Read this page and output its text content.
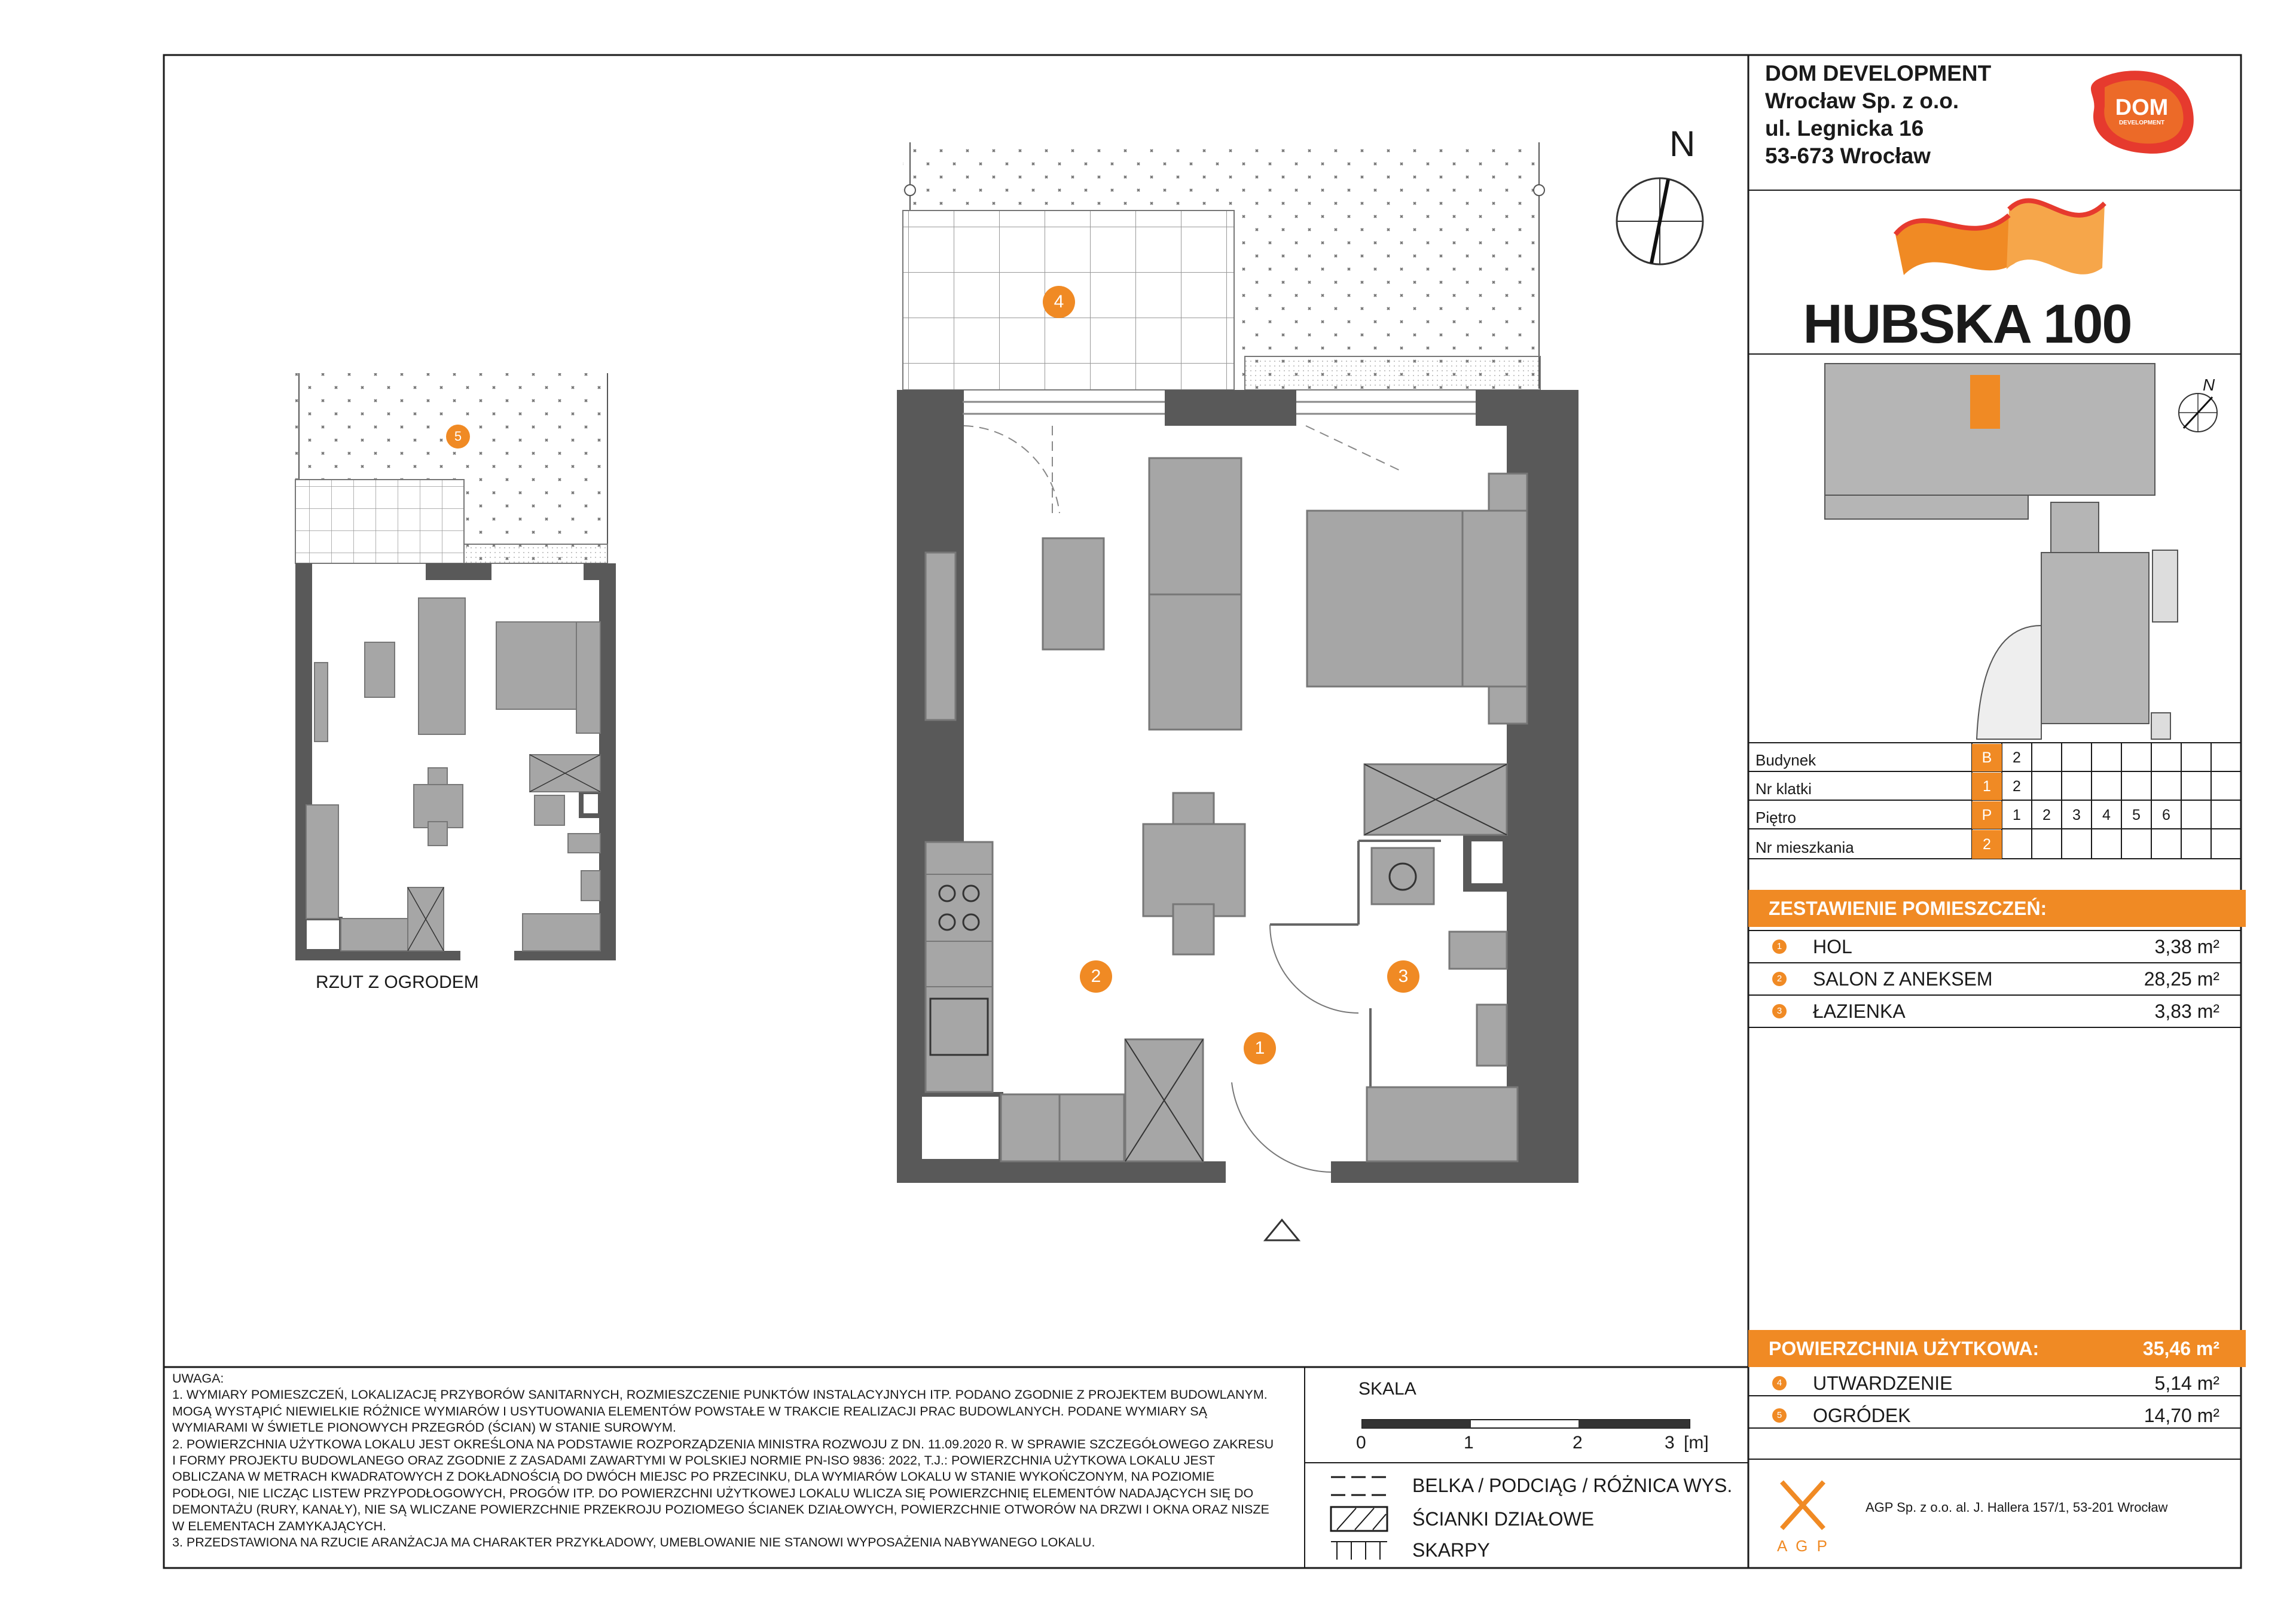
DOM DEVELOPMENT
Wrocław Sp. z o.o.
ul. Legnicka 16
53-673 Wrocław
DOM
DEVELOPMENT
HUBSKA 100
N
N
Budynek	B	2
Nr klatki	1	2
Piętro	P	1	2	3	4	5	6
Nr mieszkania	2
ZESTAWIENIE POMIESZCZEŃ:
1 HOL	3,38 m²
2 SALON Z ANEKSEM	28,25 m²
3 ŁAZIENKA	3,83 m²
POWIERZCHNIA UŻYTKOWA:	35,46 m²
4 UTWARDZENIE	5,14 m²
5 OGRÓDEK	14,70 m²
1
2	3
4
5
RZUT Z OGRODEM
UWAGA:
1. WYMIARY POMIESZCZEŃ, LOKALIZACJĘ PRZYBORÓW SANITARNYCH, ROZMIESZCZENIE PUNKTÓW INSTALACYJNYCH ITP. PODANO ZGODNIE Z PROJEKTEM BUDOWLANYM.
MOGĄ WYSTĄPIĆ NIEWIELKIE RÓŻNICE WYMIARÓW I USYTUOWANIA ELEMENTÓW POWSTAŁE W TRAKCIE REALIZACJI PRAC BUDOWLANYCH. PODANE WYMIARY SĄ
WYMIARAMI W ŚWIETLE PIONOWYCH PRZEGRÓD (ŚCIAN) W STANIE SUROWYM.
2. POWIERZCHNIA UŻYTKOWA LOKALU JEST OKREŚLONA NA PODSTAWIE ROZPORZĄDZENIA MINISTRA ROZWOJU Z DN. 11.09.2020 R. W SPRAWIE SZCZEGÓŁOWEGO ZAKRESU
I FORMY PROJEKTU BUDOWLANEGO ORAZ ZGODNIE Z ZASADAMI ZAWARTYMI W POLSKIEJ NORMIE PN-ISO 9836: 2022, T.J.: POWIERZCHNIA UŻYTKOWA LOKALU JEST
OBLICZANA W METRACH KWADRATOWYCH Z DOKŁADNOŚCIĄ DO DWÓCH MIEJSC PO PRZECINKU, DLA WYMIARÓW LOKALU W STANIE WYKOŃCZONYM, NA POZIOMIE
PODŁOGI, NIE LICZĄC LISTEW PRZYPODŁOGOWYCH, PROGÓW ITP. DO POWIERZCHNI UŻYTKOWEJ LOKALU WLICZA SIĘ POWIERZCHNIĘ ELEMENTÓW NADAJĄCYCH SIĘ DO
DEMONTAŻU (RURY, KANAŁY), NIE SĄ WLICZANE POWIERZCHNIE PRZEKROJU POZIOMEGO ŚCIANEK DZIAŁOWYCH, POWIERZCHNIE OTWORÓW NA DRZWI I OKNA ORAZ NISZE
W ELEMENTACH ZAMYKAJĄCYCH.
3. PRZEDSTAWIONA NA RZUCIE ARANŻACJA MA CHARAKTER PRZYKŁADOWY, UMEBLOWANIE NIE STANOWI WYPOSAŻENIA NABYWANEGO LOKALU.
SKALA
0	1	2	3 [m]
BELKA / PODCIĄG / RÓŻNICA WYS.
ŚCIANKI DZIAŁOWE
SKARPY	A G P
AGP Sp. z o.o. al. J. Hallera 157/1, 53-201 Wrocław
